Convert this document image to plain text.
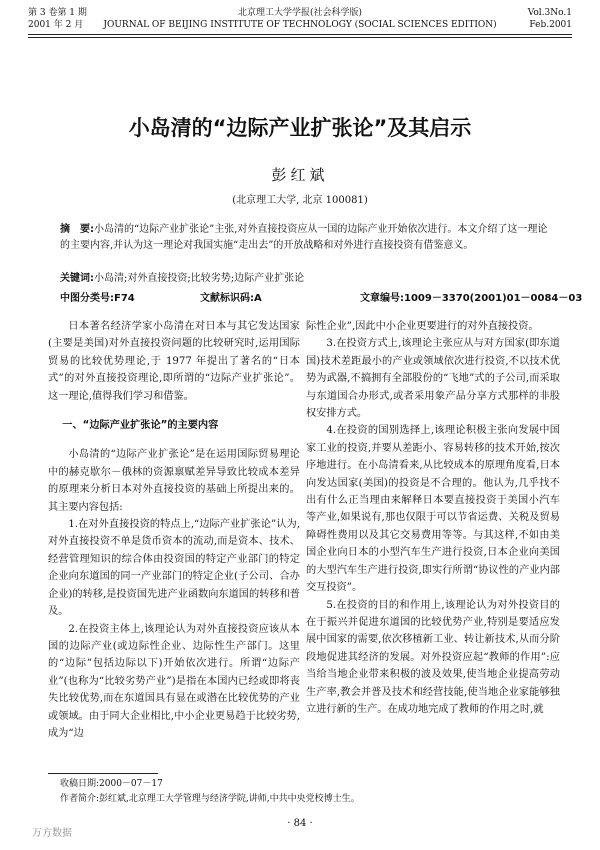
第 3 卷第 1 期	北京理工大学学报(社会科学版)	Vol.3No.1
2001 年 2 月	JOURNAL OF BEIJING INSTITUTE OF TECHNOLOGY (SOCIAL SCIENCES EDITION)	Feb.2001
小岛清的“边际产业扩张论”及其启示
彭红斌
(北京理工大学, 北京 100081)
摘　要:小岛清的“边际产业扩张论”主张,对外直接投资应从一国的边际产业开始依次进行。本文介绍了这一理论的主要内容,并认为这一理论对我国实施“走出去”的开放战略和对外进行直接投资有借鉴意义。
关键词:小岛清;对外直接投资;比较劣势;边际产业扩张论
中图分类号:F74	文献标识码:A	文章编号:1009－3370(2001)01－0084－03

日本著名经济学家小岛清在对日本与其它发达国家(主要是美国)对外直接投资问题的比较研究时,运用国际贸易的比较优势理论,于 1977 年提出了著名的“日本式”的对外直接投资理论,即所谓的“边际产业扩张论”。这一理论,值得我们学习和借鉴。

一、“边际产业扩张论”的主要内容

小岛清的“边际产业扩张论”是在运用国际贸易理论中的赫克歇尔－俄林的资源禀赋差异导致比较成本差异的原理来分析日本对外直接投资的基础上所提出来的。其主要内容包括:

1.在对外直接投资的特点上,“边际产业扩张论”认为,对外直接投资不单是货币资本的流动,而是资本、技术、经营管理知识的综合体由投资国的特定产业部门的特定企业向东道国的同一产业部门的特定企业(子公司、合办企业)的转移,是投资国先进产业函数向东道国的转移和普及。

2.在投资主体上,该理论认为对外直接投资应该从本国的边际产业(或边际性企业、边际性生产部门。这里的“边际”包括边际以下)开始依次进行。所谓“边际产业”(也称为“比较劣势产业”)是指在本国内已经或即将丧失比较优势,而在东道国具有显在或潜在比较优势的产业或领域。由于同大企业相比,中小企业更易趋于比较劣势,成为“边

际性企业”,因此中小企业更要进行的对外直接投资。

3.在投资方式上,该理论主张应从与对方国家(即东道国)技术差距最小的产业或领域依次进行投资,不以技术优势为武器,不搞拥有全部股份的“飞地”式的子公司,而采取与东道国合办形式,或者采用象产品分享方式那样的非股权安排方式。

4.在投资的国别选择上,该理论积极主张向发展中国家工业的投资,并要从差距小、容易转移的技术开始,按次序地进行。在小岛清看来,从比较成本的原理角度看,日本向发达国家(美国)的投资是不合理的。他认为,几乎找不出有什么正当理由来解释日本要直接投资于美国小汽车等产业,如果说有,那也仅限于可以节省运费、关税及贸易障碍性费用以及其它交易费用等等。与其这样,不如由美国企业向日本的小型汽车生产进行投资,日本企业向美国的大型汽车生产进行投资,即实行所谓“协议性的产业内部交互投资”。

5.在投资的目的和作用上,该理论认为对外投资目的在于振兴并促进东道国的比较优势产业,特别是要适应发展中国家的需要,依次移植新工业、转让新技术,从而分阶段地促进其经济的发展。对外投资应起“教师的作用”:应当给当地企业带来积极的波及效果,使当地企业提高劳动生产率,教会并普及技术和经营技能,使当地企业家能够独立进行新的生产。在成功地完成了教师的作用之时,就

收稿日期:2000－07－17
作者简介:彭红斌,北京理工大学管理与经济学院,讲师,中共中央党校博士生。
· 84 ·
万方数据
